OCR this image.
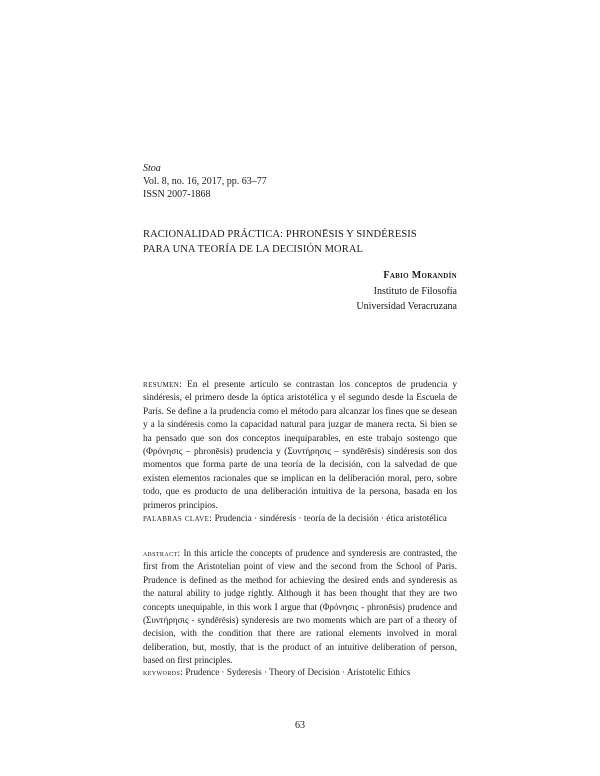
Stoa
Vol. 8, no. 16, 2017, pp. 63–77
ISSN 2007-1868
RACIONALIDAD PRÁCTICA: PHRONĒSIS Y SINDÉRESIS
PARA UNA TEORÍA DE LA DECISIÓN MORAL
Fabio Morandín
Instituto de Filosofía
Universidad Veracruzana
resumen: En el presente artículo se contrastan los conceptos de prudencia y sindéresis, el primero desde la óptica aristotélica y el segundo desde la Escuela de París. Se define a la prudencia como el método para alcanzar los fines que se desean y a la sindéresis como la capacidad natural para juzgar de manera recta. Si bien se ha pensado que son dos conceptos inequiparables, en este trabajo sostengo que (Φρόνησις – phronēsis) prudencia y (Συντήρησις – syndērēsis) sindéresis son dos momentos que forma parte de una teoría de la decisión, con la salvedad de que existen elementos racionales que se implican en la deliberación moral, pero, sobre todo, que es producto de una deliberación intuitiva de la persona, basada en los primeros principios.
palabras clave: Prudencia · sindéresis · teoría de la decisión · ética aristotélica
abstract: In this article the concepts of prudence and synderesis are contrasted, the first from the Aristotelian point of view and the second from the School of Paris. Prudence is defined as the method for achieving the desired ends and synderesis as the natural ability to judge rightly. Although it has been thought that they are two concepts unequipable, in this work I argue that (Φρόνησις - phronēsis) prudence and (Συντήρησις - syndērēsis) synderesis are two moments which are part of a theory of decision, with the condition that there are rational elements involved in moral deliberation, but, mostly, that is the product of an intuitive deliberation of person, based on first principles.
keywords: Prudence · Syderesis · Theory of Decision · Aristotelic Ethics
63
